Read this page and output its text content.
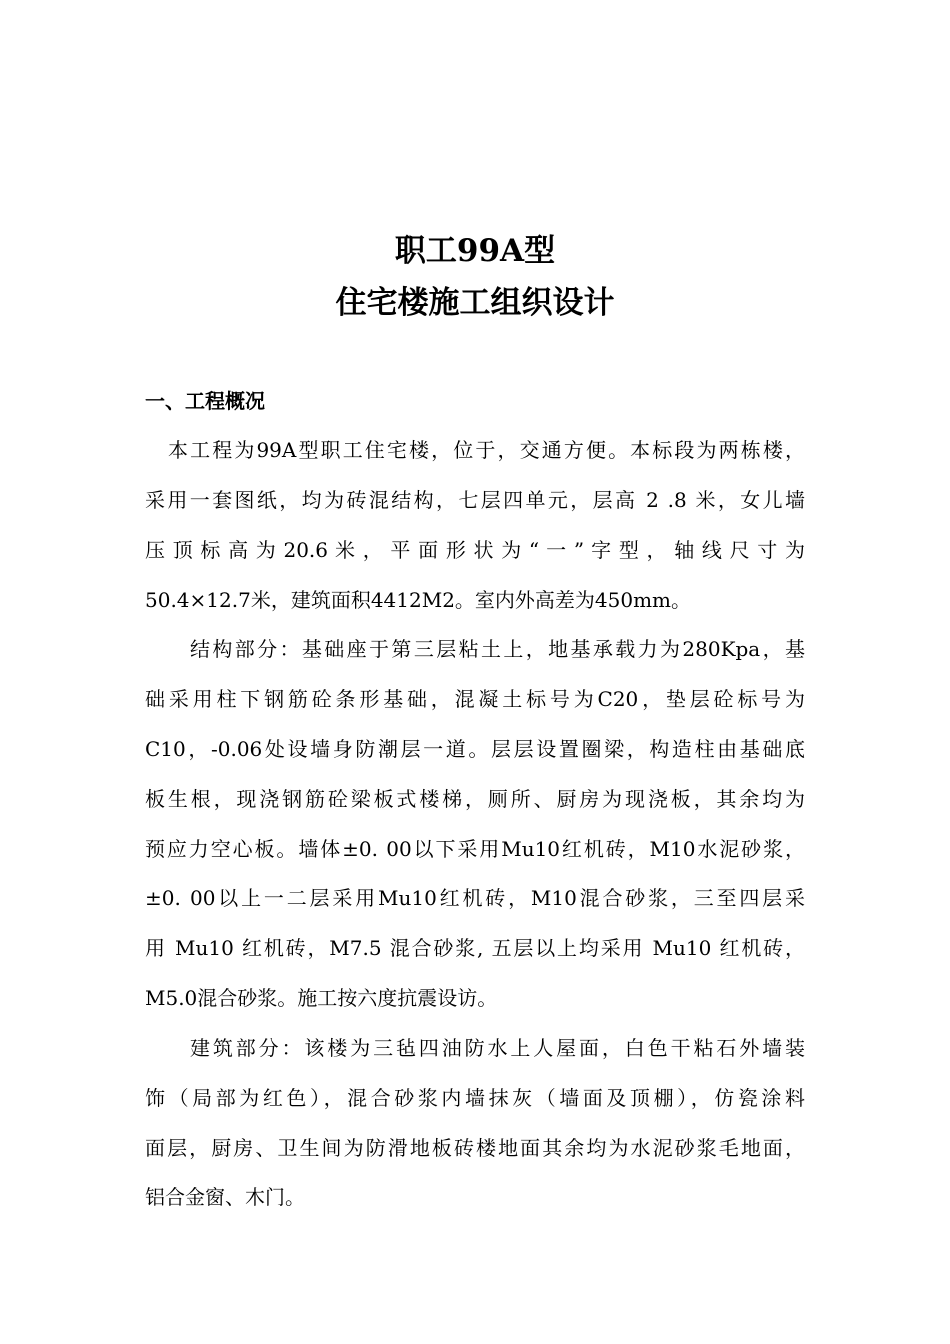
职工99A型
住宅楼施工组织设计
一、工程概况
本工程为99A型职工住宅楼，位于，交通方便。本标段为两栋楼，
采用一套图纸，均为砖混结构，七层四单元，层高 2 .8 米，女儿墙
压 顶 标 高 为 20.6 米 ， 平 面 形 状 为 “ 一 ” 字 型 ， 轴 线 尺 寸 为
50.4×12.7米，建筑面积4412M2。室内外高差为450mm。
结构部分：基础座于第三层粘土上，地基承载力为280Kpa，基
础采用柱下钢筋砼条形基础，混凝土标号为C20，垫层砼标号为
C10，-0.06处设墙身防潮层一道。层层设置圈梁，构造柱由基础底
板生根，现浇钢筋砼梁板式楼梯，厕所、厨房为现浇板，其余均为
预应力空心板。墙体±0. 00以下采用Mu10红机砖，M10水泥砂浆，
±0. 00以上一二层采用Mu10红机砖，M10混合砂浆，三至四层采
用 Mu10 红机砖，M7.5 混合砂浆, 五层以上均采用 Mu10 红机砖，
M5.0混合砂浆。施工按六度抗震设访。
建筑部分：该楼为三毡四油防水上人屋面，白色干粘石外墙装
饰（局部为红色），混合砂浆内墙抹灰（墙面及顶棚），仿瓷涂料
面层，厨房、卫生间为防滑地板砖楼地面其余均为水泥砂浆毛地面，
铝合金窗、木门。
